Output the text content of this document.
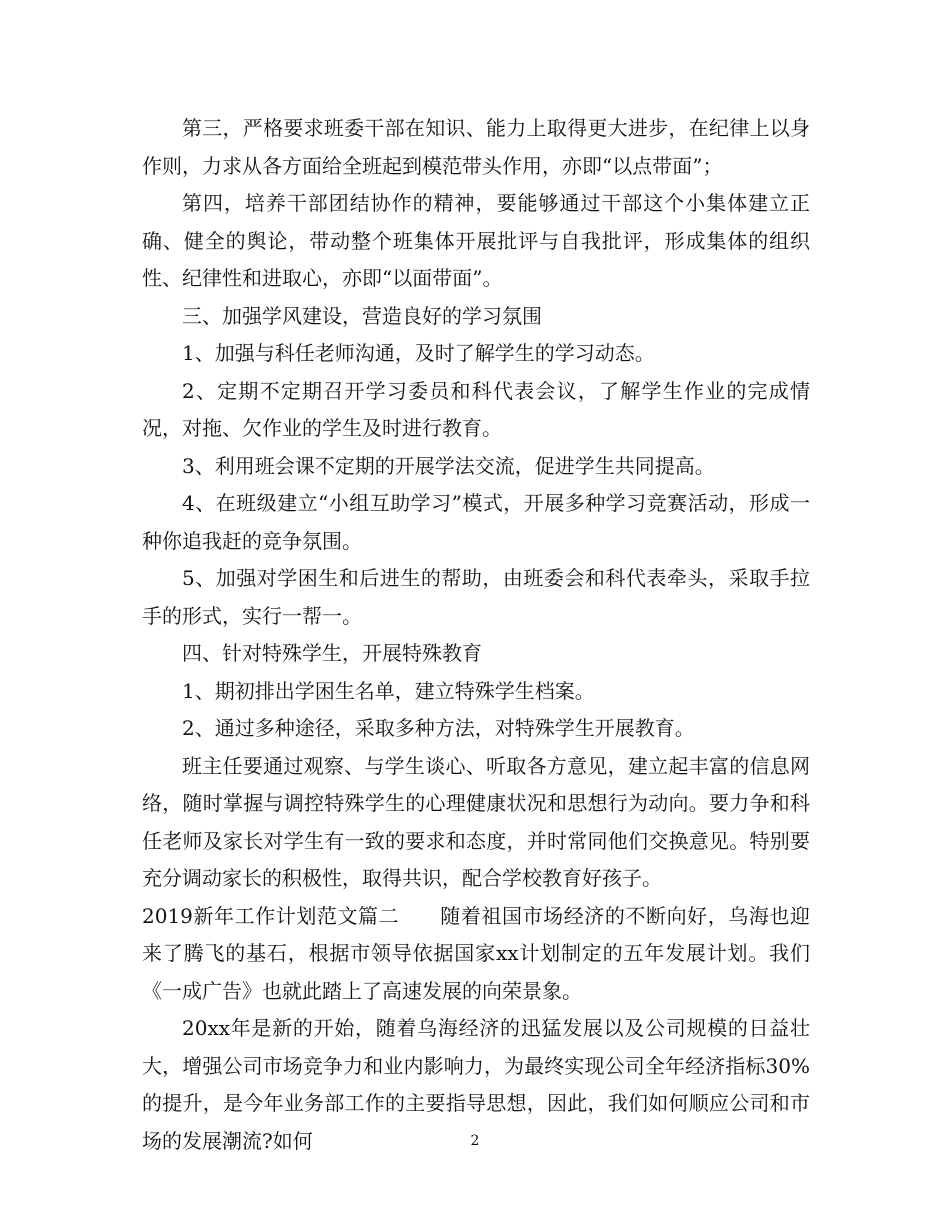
第三，严格要求班委干部在知识、能力上取得更大进步，在纪律上以身作则，力求从各方面给全班起到模范带头作用，亦即“以点带面”；

第四，培养干部团结协作的精神，要能够通过干部这个小集体建立正确、健全的舆论，带动整个班集体开展批评与自我批评，形成集体的组织性、纪律性和进取心，亦即“以面带面”。

三、加强学风建设，营造良好的学习氛围

1、加强与科任老师沟通，及时了解学生的学习动态。

2、定期不定期召开学习委员和科代表会议，了解学生作业的完成情况，对拖、欠作业的学生及时进行教育。

3、利用班会课不定期的开展学法交流，促进学生共同提高。

4、在班级建立“小组互助学习”模式，开展多种学习竞赛活动，形成一种你追我赶的竞争氛围。

5、加强对学困生和后进生的帮助，由班委会和科代表牵头，采取手拉手的形式，实行一帮一。

四、针对特殊学生，开展特殊教育

1、期初排出学困生名单，建立特殊学生档案。

2、通过多种途径，采取多种方法，对特殊学生开展教育。

班主任要通过观察、与学生谈心、听取各方意见，建立起丰富的信息网络，随时掌握与调控特殊学生的心理健康状况和思想行为动向。要力争和科任老师及家长对学生有一致的要求和态度，并时常同他们交换意见。特别要充分调动家长的积极性，取得共识，配合学校教育好孩子。

2019新年工作计划范文篇二　　随着祖国市场经济的不断向好，乌海也迎来了腾飞的基石，根据市领导依据国家xx计划制定的五年发展计划。我们《一成广告》也就此踏上了高速发展的向荣景象。

20xx年是新的开始，随着乌海经济的迅猛发展以及公司规模的日益壮大，增强公司市场竞争力和业内影响力，为最终实现公司全年经济指标30%的提升，是今年业务部工作的主要指导思想，因此，我们如何顺应公司和市场的发展潮流?如何	2
